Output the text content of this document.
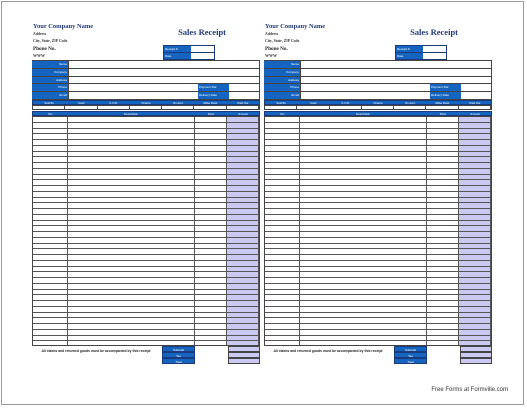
Your Company Name
Address
City, State, ZIP Code
Phone No.
WWW
Sales Receipt
Receipt #
Date
Name
Company
Address
Phone	Payment Ref.
Email	Delivery Date
Sold By	Cash	C.O.D.	Charge	On Acct.	Mdse Retd.	Paid Out
Qty	Description	Price	Amount
All claims and returned goods must be accompanied by this receipt	Subtotal
Tax
Total
Your Company Name
Address
City, State, ZIP Code
Phone No.
WWW
Sales Receipt
Receipt #
Date
Name
Company
Address
Phone	Payment Ref.
Email	Delivery Date
Sold By	Cash	C.O.D.	Charge	On Acct.	Mdse Retd.	Paid Out
Qty	Description	Price	Amount
All claims and returned goods must be accompanied by this receipt	Subtotal
Tax
Total
Free Forms at Formville.com
